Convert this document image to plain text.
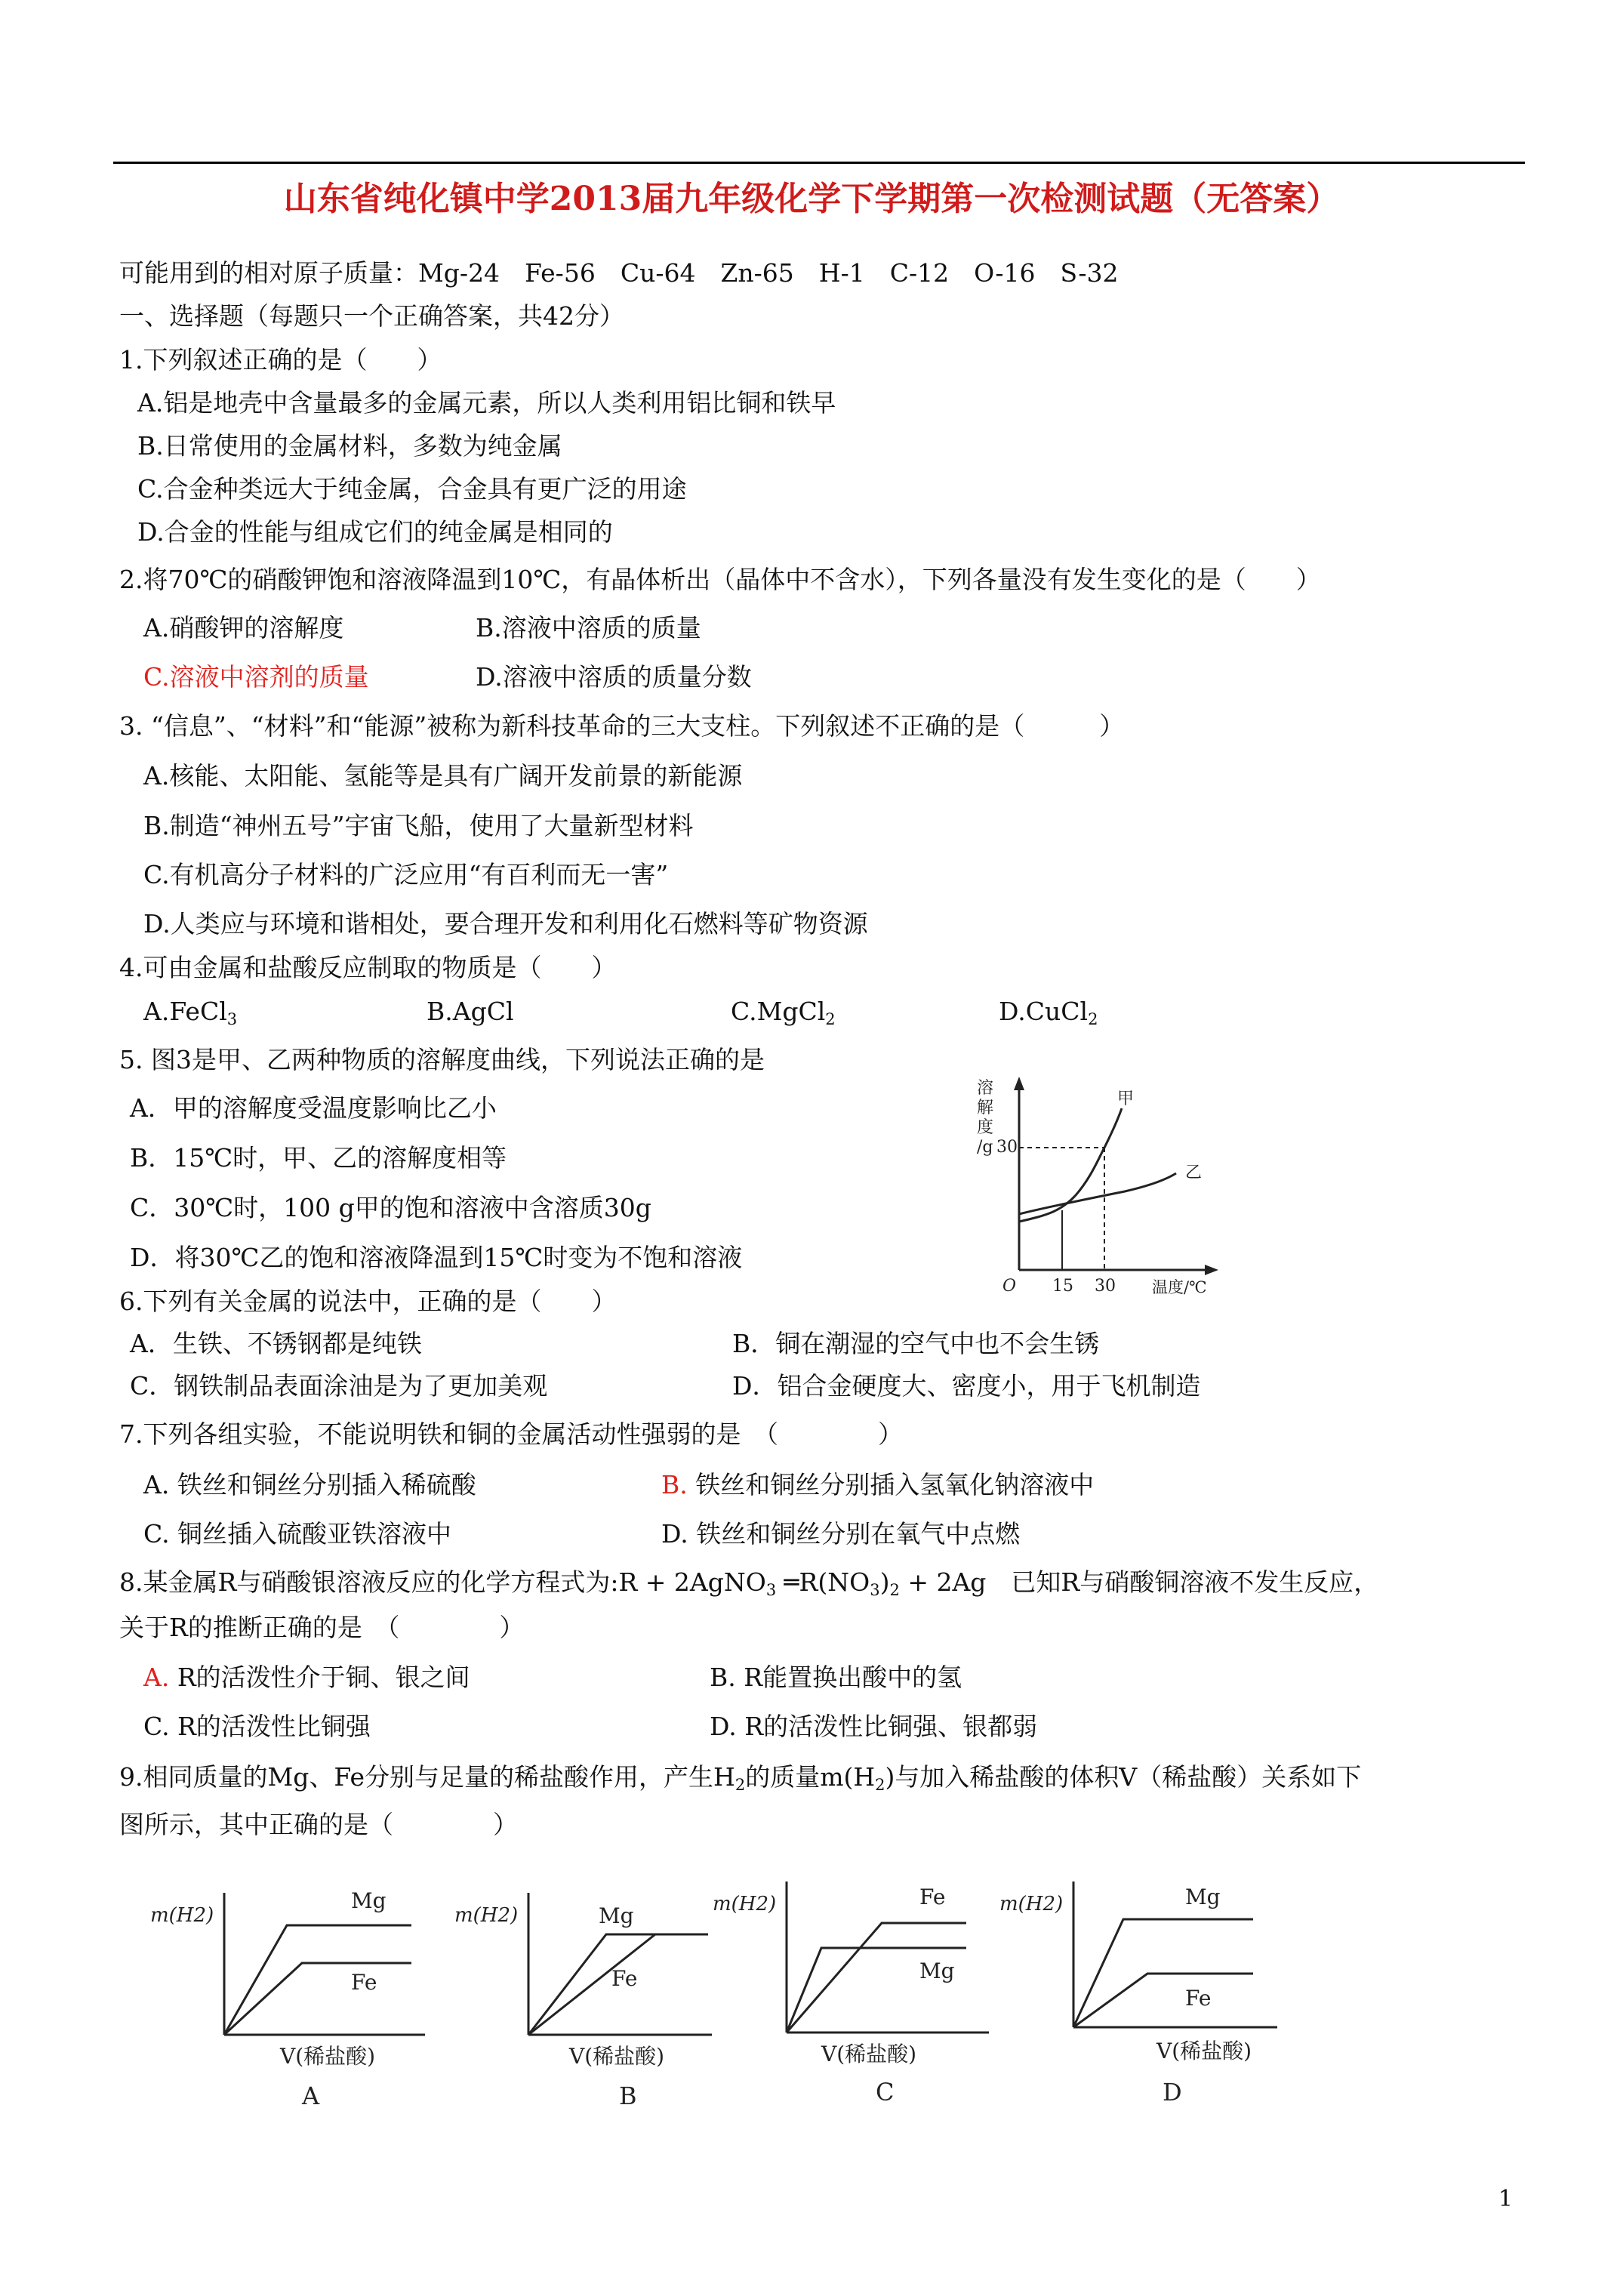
山东省纯化镇中学2013届九年级化学下学期第一次检测试题（无答案）
可能用到的相对原子质量：Mg-24　Fe-56　Cu-64　Zn-65　H-1　C-12　O-16　S-32
一、选择题（每题只一个正确答案，共42分）
1.下列叙述正确的是（　　）
A.铝是地壳中含量最多的金属元素，所以人类利用铝比铜和铁早
B.日常使用的金属材料，多数为纯金属
C.合金种类远大于纯金属，合金具有更广泛的用途
D.合金的性能与组成它们的纯金属是相同的
2.将70℃的硝酸钾饱和溶液降温到10℃，有晶体析出（晶体中不含水），下列各量没有发生变化的是（　　）
A.硝酸钾的溶解度	B.溶液中溶质的质量
C.溶液中溶剂的质量	D.溶液中溶质的质量分数
3. “信息”、“材料”和“能源”被称为新科技革命的三大支柱。下列叙述不正确的是（　　　）
A.核能、太阳能、氢能等是具有广阔开发前景的新能源
B.制造“神州五号”宇宙飞船，使用了大量新型材料
C.有机高分子材料的广泛应用“有百利而无一害”
D.人类应与环境和谐相处，要合理开发和利用化石燃料等矿物资源
4.可由金属和盐酸反应制取的物质是（　　）
A.FeCl$_3$	B.AgCl	C.MgCl$_2$	D.CuCl$_2$
5. 图3是甲、乙两种物质的溶解度曲线，下列说法正确的是
A．甲的溶解度受温度影响比乙小
B．15℃时，甲、乙的溶解度相等
C．30℃时，100 g甲的饱和溶液中含溶质30g
D．将30℃乙的饱和溶液降温到15℃时变为不饱和溶液
溶
解
度
/g 30
O 15 30 温度/℃
甲
乙
6.下列有关金属的说法中，正确的是（　　）
A．生铁、不锈钢都是纯铁	B．铜在潮湿的空气中也不会生锈
C．钢铁制品表面涂油是为了更加美观	D．铝合金硬度大、密度小，用于飞机制造
7.下列各组实验，不能说明铁和铜的金属活动性强弱的是　（　　　　）
A. 铁丝和铜丝分别插入稀硫酸	B. 铁丝和铜丝分别插入氢氧化钠溶液中
C. 铜丝插入硫酸亚铁溶液中	D. 铁丝和铜丝分别在氧气中点燃
8.某金属R与硝酸银溶液反应的化学方程式为:R + 2AgNO$_3$ $═R(NO_3)_2 + 2Ag$　已知R与硝酸铜溶液不发生反应，
关于R的推断正确的是　（　　　　）
A. R的活泼性介于铜、银之间	B. R能置换出酸中的氢
C. R的活泼性比铜强	D. R的活泼性比铜强、银都弱
9.相同质量的Mg、Fe分别与足量的稀盐酸作用，产生$H_2$的质量$m(H_2)$与加入稀盐酸的体积V（稀盐酸）关系如下
图所示，其中正确的是（　　　　）
m(H2)
Mg
Fe
V(稀盐酸)
A
m(H2)	Mg
Fe
V(稀盐酸)
B
m(H2)	Fe
Mg
V(稀盐酸)
C
m(H2)	Mg
Fe
V(稀盐酸)
D
1
